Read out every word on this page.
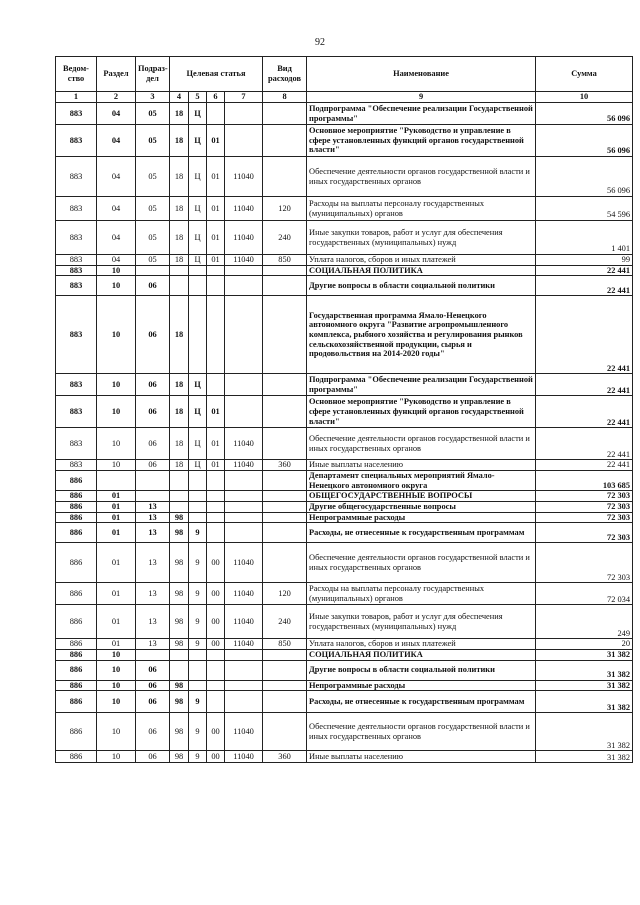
92
Ведом-ство	Раздел	Подраз-дел	Целевая статья				Вид расходов	Наименование	Сумма
1	2	3	4	5	6	7	8	9	10
883	04	05	18	Ц				Подпрограмма "Обеспечение реализации Государственной программы"	56 096
883	04	05	18	Ц	01			Основное мероприятие "Руководство и управление в сфере установленных функций органов государственной власти"	56 096
883	04	05	18	Ц	01	11040		Обеспечение деятельности органов государственной власти и иных государственных органов	56 096
883	04	05	18	Ц	01	11040	120	Расходы на выплаты персоналу государственных (муниципальных) органов	54 596
883	04	05	18	Ц	01	11040	240	Иные закупки товаров, работ и услуг для обеспечения государственных (муниципальных) нужд	1 401
883	04	05	18	Ц	01	11040	850	Уплата налогов, сборов и иных платежей	99
883	10							СОЦИАЛЬНАЯ ПОЛИТИКА	22 441
883	10	06						Другие вопросы в области социальной политики	22 441
883	10	06	18					Государственная программа Ямало-Ненецкого автономного округа "Развитие агропромышленного комплекса, рыбного хозяйства и регулирования рынков сельскохозяйственной продукции, сырья и продовольствия на 2014-2020 годы"	22 441
883	10	06	18	Ц				Подпрограмма "Обеспечение реализации Государственной программы"	22 441
883	10	06	18	Ц	01			Основное мероприятие "Руководство и управление в сфере установленных функций органов государственной власти"	22 441
883	10	06	18	Ц	01	11040		Обеспечение деятельности органов государственной власти и иных государственных органов	22 441
883	10	06	18	Ц	01	11040	360	Иные выплаты населению	22 441
886								Департамент специальных мероприятий Ямало-Ненецкого автономного округа	103 685
886	01							ОБЩЕГОСУДАРСТВЕННЫЕ ВОПРОСЫ	72 303
886	01	13						Другие общегосударственные вопросы	72 303
886	01	13	98					Непрограммные расходы	72 303
886	01	13	98	9				Расходы, не отнесенные к государственным программам	72 303
886	01	13	98	9	00	11040		Обеспечение деятельности органов государственной власти и иных государственных органов	72 303
886	01	13	98	9	00	11040	120	Расходы на выплаты персоналу государственных (муниципальных) органов	72 034
886	01	13	98	9	00	11040	240	Иные закупки товаров, работ и услуг для обеспечения государственных (муниципальных) нужд	249
886	01	13	98	9	00	11040	850	Уплата налогов, сборов и иных платежей	20
886	10							СОЦИАЛЬНАЯ ПОЛИТИКА	31 382
886	10	06						Другие вопросы в области социальной политики	31 382
886	10	06	98					Непрограммные расходы	31 382
886	10	06	98	9				Расходы, не отнесенные к государственным программам	31 382
886	10	06	98	9	00	11040		Обеспечение деятельности органов государственной власти и иных государственных органов	31 382
886	10	06	98	9	00	11040	360	Иные выплаты населению	31 382
